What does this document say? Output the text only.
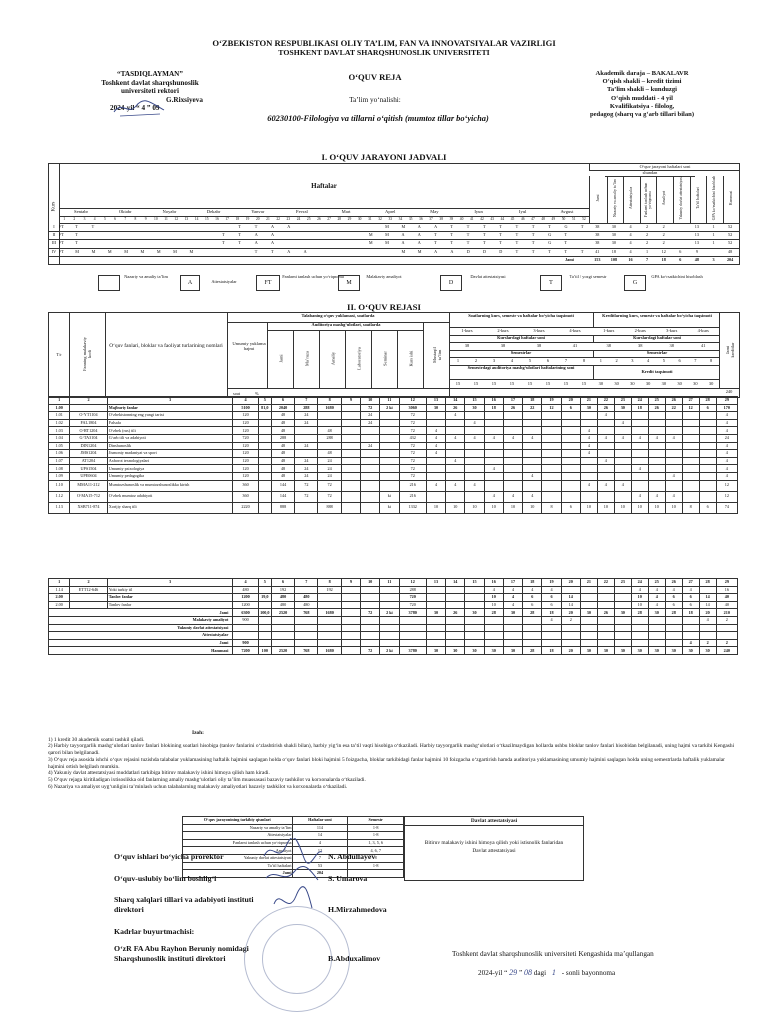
O‘ZBEKISTON RESPUBLIKASI OLIY TA’LIM, FAN VA INNOVATSIYALAR VAZIRLIGI
TOSHKENT DAVLAT SHARQSHUNOSLIK UNIVERSITETI
“TASDIQLAYMAN”
Toshkent davlat sharqshunoslik
universiteti rektori
G.Rixsiyeva
2024-yil “ 4 ” 09
O‘QUV REJA
Ta’lim yo‘nalishi:
60230100-Filologiya va tillarni o‘qitish (mumtoz tillar bo‘yicha)
Akademik daraja – BAKALAVR
O‘qish shakli – kredit tizimi
Ta’lim shakli – kunduzgi
O‘qish muddati - 4 yil
Kvalifikatsiya - filolog,
pedagog (sharq va g‘arb tillari bilan)
I. O‘QUV JARAYONI JADVALI
Kurs
Haftalar
Sentabr	Oktabr	Noyabr	Dekabr	Yanvar	Fevral	Mart	Aprel	May	Iyun	Iyul	Avgust
1	2	3	4	5	6	7	8	9	10	11	12	13	14	15	16	17	18	19	20	21	22	23	24	25	26	27	28	29	30	31	32	33	34	35	36	37	38	39	40	41	42	43	44	45	46	47	48	49	50	51	52
I	FT	T	T	T	T	A	A	M	M	A	A	T	T	T	T	T	T	T	G	T	38	30	4	2	2	13	1	52
II FT	T	T	T	A	A	M	M	A	A	T	T	T	T	T	T	T	G	T	38	30	4	2	2	13	1	52
III FT	T	T	T	A	A	M	M	A	A	T	T	T	T	T	T	T	G	T	38	30	4	2	2	13	1	52
IV FT	M	M	M	M	M	M	M	M	T	T	A	A	M	M	A	A	D	D	D	T	T	T	T	T	41	18	4	1	12	6	9	48
Jami	153	108	16	7	18	6	48	3	204
O‘quv jarayoni haftalari soni
shundan
Jami	Nazariy va amaliy ta’lim	Attestatsiyalar	Fanlarni tanlash uchun yo‘riqnoma	Amaliyot	Yakuniy davlat attestatsiyasi	Ta’til haftalari	GPA ko‘rsatkichini hisoblash	Hammasi
Nazariy va amaliy ta’lim
A	Attestatsiyalar	FT
Fanlarni tanlash uchun yo‘riqnoma
M
Malakaviy amaliyot
D
Davlat attestatsiyasi
T
Ta’til / yozgi semestr
G
GPA ko‘rsatkichini hisoblash
II. O‘QUV REJASI
T/r	Fanning malakaviy kodi
O‘quv fanlari, bloklar va faoliyat turlarining nomlari
Talabaning o‘quv yuklamasi, soatlarda
Umumiy yuklama hajmi
Auditoriya mashg‘ulotlari, soatlarda
Jami	Ma’ruza	Amaliy	Laboratoriya	Seminar	Kurs ishi	Mustaqil ta’lim
soat	%
Soatlarning kurs, semestr va haftalar bo‘yicha taqsimoti	Kreditlarning kurs, semestr va haftalar bo‘yicha taqsimoti
1-kurs	2-kurs	3-kurs	4-kurs	1-kurs	2-kurs	3-kurs	4-kurs
Kurslardagi haftalar soni	Kurslardagi haftalar soni
38	38	38	41	38	38	38	41
Semestrlar	Semestrlar
1	2	3	4	5	6	7	8	1	2	3	4	5	6	7	8
Semestrdagi auditoriya mashg‘ulotlari haftalarining soni
Kredit taqsimoti
15	15	15	15	15	15	15	15	30	30	30	30	30	30	30	30
Jami kreditlar
240
1	2	3	4	5	6	7	8	9	10	11	12	13	14	15	16	17	18	19	20	21	22	23	24	25	26	27	28	29
1.00		Majburiy fanlar	5100	81,0	2040	288	1680		72	2 ki	3060	30	26	30	18	26	22	12	6	30	26	30	18	26	22	12	6	170
1.01	O‘YT1104	O‘zbekistonning eng yangi tarixi	120		48	24			24		72		4								4							4
1.02	FAL1804	Falsafa	120		48	24			24		72			4								4						4
1.03	O‘RT1204	O‘zbek (rus) tili	120		48		48				72	4								4								4
1.04	G‘TA3104	G‘arb tili va adabiyoti	720		288		288				432	4	4	4	4	4	4			4	4	4	4	4	4			24
1.05	DIN1204	Dinshunoslik	120		48	24			24		72	4								4								4
1.06	JMS1204	Jismoniy madaniyat va sport	120		48		48				72	4								4								4
1.07	AT1204	Axborot texnologiyalari	120		48	24	24				72		4								4							4
1.08	UPS1504	Umumiy psixologiya	120		48	24	24				72				4								4					4
1.09	UPE0604	Umumiy pedagogika	120		48	24	24				72						4								4			4
1.10	MMA11-212	Mumtozshunoslik va mumtozshunoslikka kirish	360		144	72	72				216	4	4	4						4	4	4						12
1.12	O‘MA15-712	O‘zbek mumtoz adabiyoti	360		144	72	72			ki	216				4	4	4						4	4	4			12
1.13	XSB711-874	Xorijiy sharq tili	2220		888		888			ki	1332	10	10	10	10	10	10	8	6	10	10	10	10	10	10	8	6	74
1	2	3	4	5	6	7	8	9	10	11	12	13	14	15	16	17	18	19	20	21	22	23	24	25	26	27	28	29
1.14	ETT12-646	Yoki turkiy til	480		192		192				288				4	4	4	4					4	4	4	4		16
2.00		Tanlov fanlar	1200	19,0	480	480					720				10	4	6	6	14				10	4	6	6	14	40
2.00		Tanlov fanlar	1200		480	480					720				10	4	6	6	14				10	4	6	6	14	40
Jami			6300	100,0	2520	768	1680		72	2 ki	3780	30	26	30	28	30	28	18	20	30	26	30	28	30	28	18	20	210
Malakaviy amaliyot			900															4	2								4	2
Yakuniy davlat attestatsiyasi																												
Attestatsiyalar																												
Jami			900																							4	2	2
Hammasi			7200	100	2520	768	1680		72	2 ki	3780	30	30	30	30	30	28	18	20	30	30	30	30	30	30	30	30	240
Izoh:
1) 1 kredit 30 akademik soatni tashkil qiladi.
2) Harbiy tayyorgarlik mashg‘ulotlari tanlov fanlari blokining soatlari hisobiga (tanlov fanlarini o‘zlashtirish shakli bilan), harbiy yig‘in esa ta’til vaqti hisobiga o‘tkaziladi. Harbiy tayyorgarlik mashg‘ulotlari o‘tkazilmaydigan hollarda ushbu bloklar tanlov fanlari hisobidan belgilanadi, uning hajmi va tarkibi Kengashi qarori bilan belgilanadi.
3) O‘quv reja asosida ishchi o‘quv rejasini tuzishda talabalar yuklamasining haftalik hajmini saqlagan holda o‘quv fanlari bloki hajmini 5 foizgacha, bloklar tarkibidagi fanlar hajmini 10 foizgacha o‘zgartirish hamda auditoriya yuklamasining umumiy hajmini saqlagan holda uning semestrlarda haftalik yuklamalar hajmini ortish belgilash mumkin.
4) Yakuniy davlat attestatsiyasi muddatlari tarkibiga bitiruv malakaviy ishini himoya qilish ham kiradi.
5) O‘quv rejaga kiritiladigan ixtisoslikka oid fanlarning amaliy mashg‘ulotlari oliy ta’lim muassasasi bazaviy tashkilot va korxonalarda o‘tkaziladi.
6) Nazariya va amaliyot uyg‘unligini ta’minlash uchun talabalarning malakaviy amaliyotlari bazaviy tashkilot va korxonalarda o‘tkaziladi.
O‘quv jarayonining tarkibiy qismlari	Haftalar soni	Semestr
Nazariy va amaliy ta’lim	114	1-8
Attestatsiyalar	14	1-8
Fanlarni tanlash uchun yo‘riqnoma	4	1, 3, 5, 6
Amaliyot	12	4, 6, 7
Yakuniy davlat attestatsiyasi	7	8
Ta’til haftalari	53	1-8
Jami	204	
Davlat attestatsiyasi
Bitiruv malakaviy ishini himoya qilish yoki istisnolik fanlaridan Davlat attestatsiyasi
O‘quv ishlari bo‘yicha prorektor	N. Abdullayev
O‘quv-uslubiy bo‘lim boshlig‘i	S. Umarova
Sharq xalqlari tillari va adabiyoti instituti direktori	H.Mirzahmedova
Kadrlar buyurtmachisi:
O‘zR FA Abu Rayhon Beruniy nomidagi Sharqshunoslik instituti direktori	B.Abduxalimov	Toshkent davlat sharqshunoslik universiteti Kengashida ma’qullangan
2024-yil “ 29 ” 08 dagi 1 - sonli bayonnoma
